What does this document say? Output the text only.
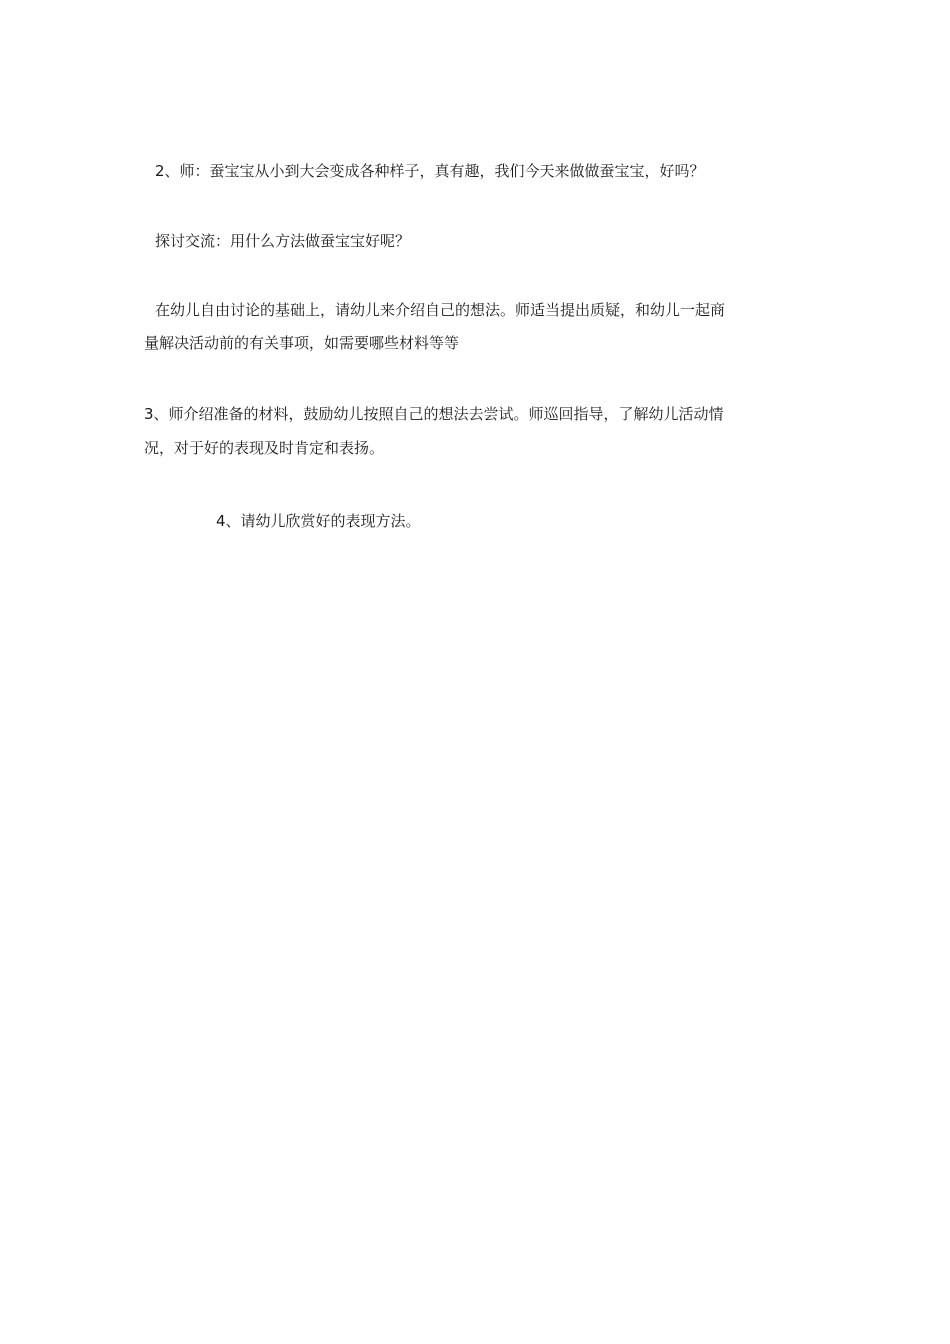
2、师：蚕宝宝从小到大会变成各种样子，真有趣，我们今天来做做蚕宝宝，好吗？

探讨交流：用什么方法做蚕宝宝好呢？

在幼儿自由讨论的基础上，请幼儿来介绍自己的想法。师适当提出质疑，和幼儿一起商

量解决活动前的有关事项，如需要哪些材料等等

3、师介绍准备的材料，鼓励幼儿按照自己的想法去尝试。师巡回指导，了解幼儿活动情

况，对于好的表现及时肯定和表扬。

4、请幼儿欣赏好的表现方法。
